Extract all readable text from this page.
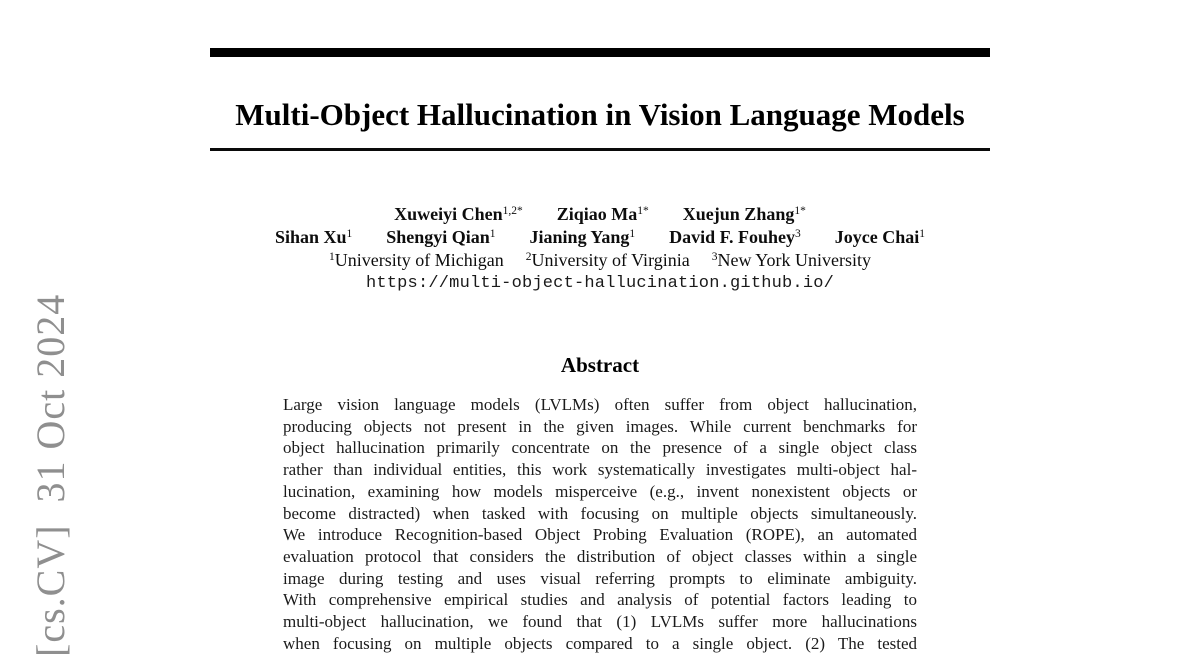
[cs.CV]  31 Oct 2024
Multi-Object Hallucination in Vision Language Models
Xuweiyi Chen$^{1,2*}$ Ziqiao $Ma^{1*}$ Xuejun Zhang$^{1*}$
Sihan Xu$^1$ Shengyi Qian$^1$ Jianing Yang$^1$ David F. Fouhey$^3$ Joyce Chai$^1$
$^1$University of Michigan $^2$University of Virginia $^3$New York University
https://multi-object-hallucination.github.io/
Abstract
Large vision language models (LVLMs) often suffer from object hallucination,
producing objects not present in the given images. While current benchmarks for
object hallucination primarily concentrate on the presence of a single object class
rather than individual entities, this work systematically investigates multi-object hal-
lucination, examining how models misperceive (e.g., invent nonexistent objects or
become distracted) when tasked with focusing on multiple objects simultaneously.
We introduce Recognition-based Object Probing Evaluation (ROPE), an automated
evaluation protocol that considers the distribution of object classes within a single
image during testing and uses visual referring prompts to eliminate ambiguity.
With comprehensive empirical studies and analysis of potential factors leading to
multi-object hallucination, we found that (1) LVLMs suffer more hallucinations
when focusing on multiple objects compared to a single object. (2) The tested
